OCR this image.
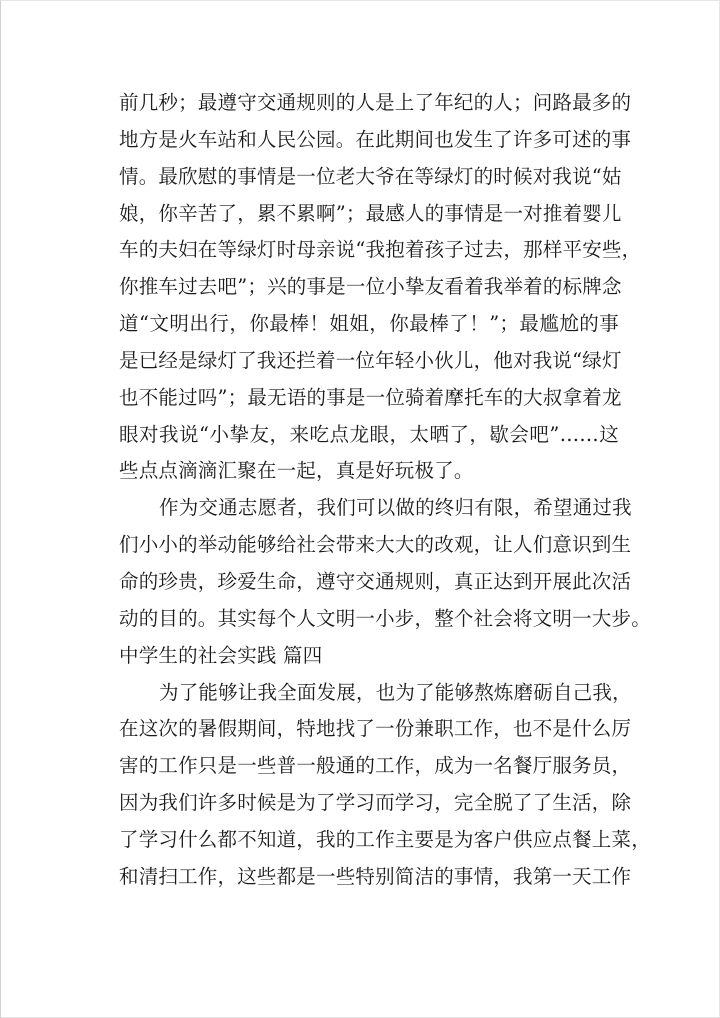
前几秒；最遵守交通规则的人是上了年纪的人；问路最多的
地方是火车站和人民公园。在此期间也发生了许多可述的事
情。最欣慰的事情是一位老大爷在等绿灯的时候对我说“姑
娘，你辛苦了，累不累啊”；最感人的事情是一对推着婴儿
车的夫妇在等绿灯时母亲说“我抱着孩子过去，那样平安些，
你推车过去吧”；兴的事是一位小挚友看着我举着的标牌念
道“文明出行，你最棒！姐姐，你最棒了！”；最尴尬的事
是已经是绿灯了我还拦着一位年轻小伙儿，他对我说“绿灯
也不能过吗”；最无语的事是一位骑着摩托车的大叔拿着龙
眼对我说“小挚友，来吃点龙眼，太晒了，歇会吧”……这
些点点滴滴汇聚在一起，真是好玩极了。
作为交通志愿者，我们可以做的终归有限，希望通过我
们小小的举动能够给社会带来大大的改观，让人们意识到生
命的珍贵，珍爱生命，遵守交通规则，真正达到开展此次活
动的目的。其实每个人文明一小步，整个社会将文明一大步。
中学生的社会实践 篇四
为了能够让我全面发展，也为了能够熬炼磨砺自己我，
在这次的暑假期间，特地找了一份兼职工作，也不是什么厉
害的工作只是一些普一般通的工作，成为一名餐厅服务员，
因为我们许多时候是为了学习而学习，完全脱了了生活，除
了学习什么都不知道，我的工作主要是为客户供应点餐上菜，
和清扫工作，这些都是一些特别简洁的事情，我第一天工作
